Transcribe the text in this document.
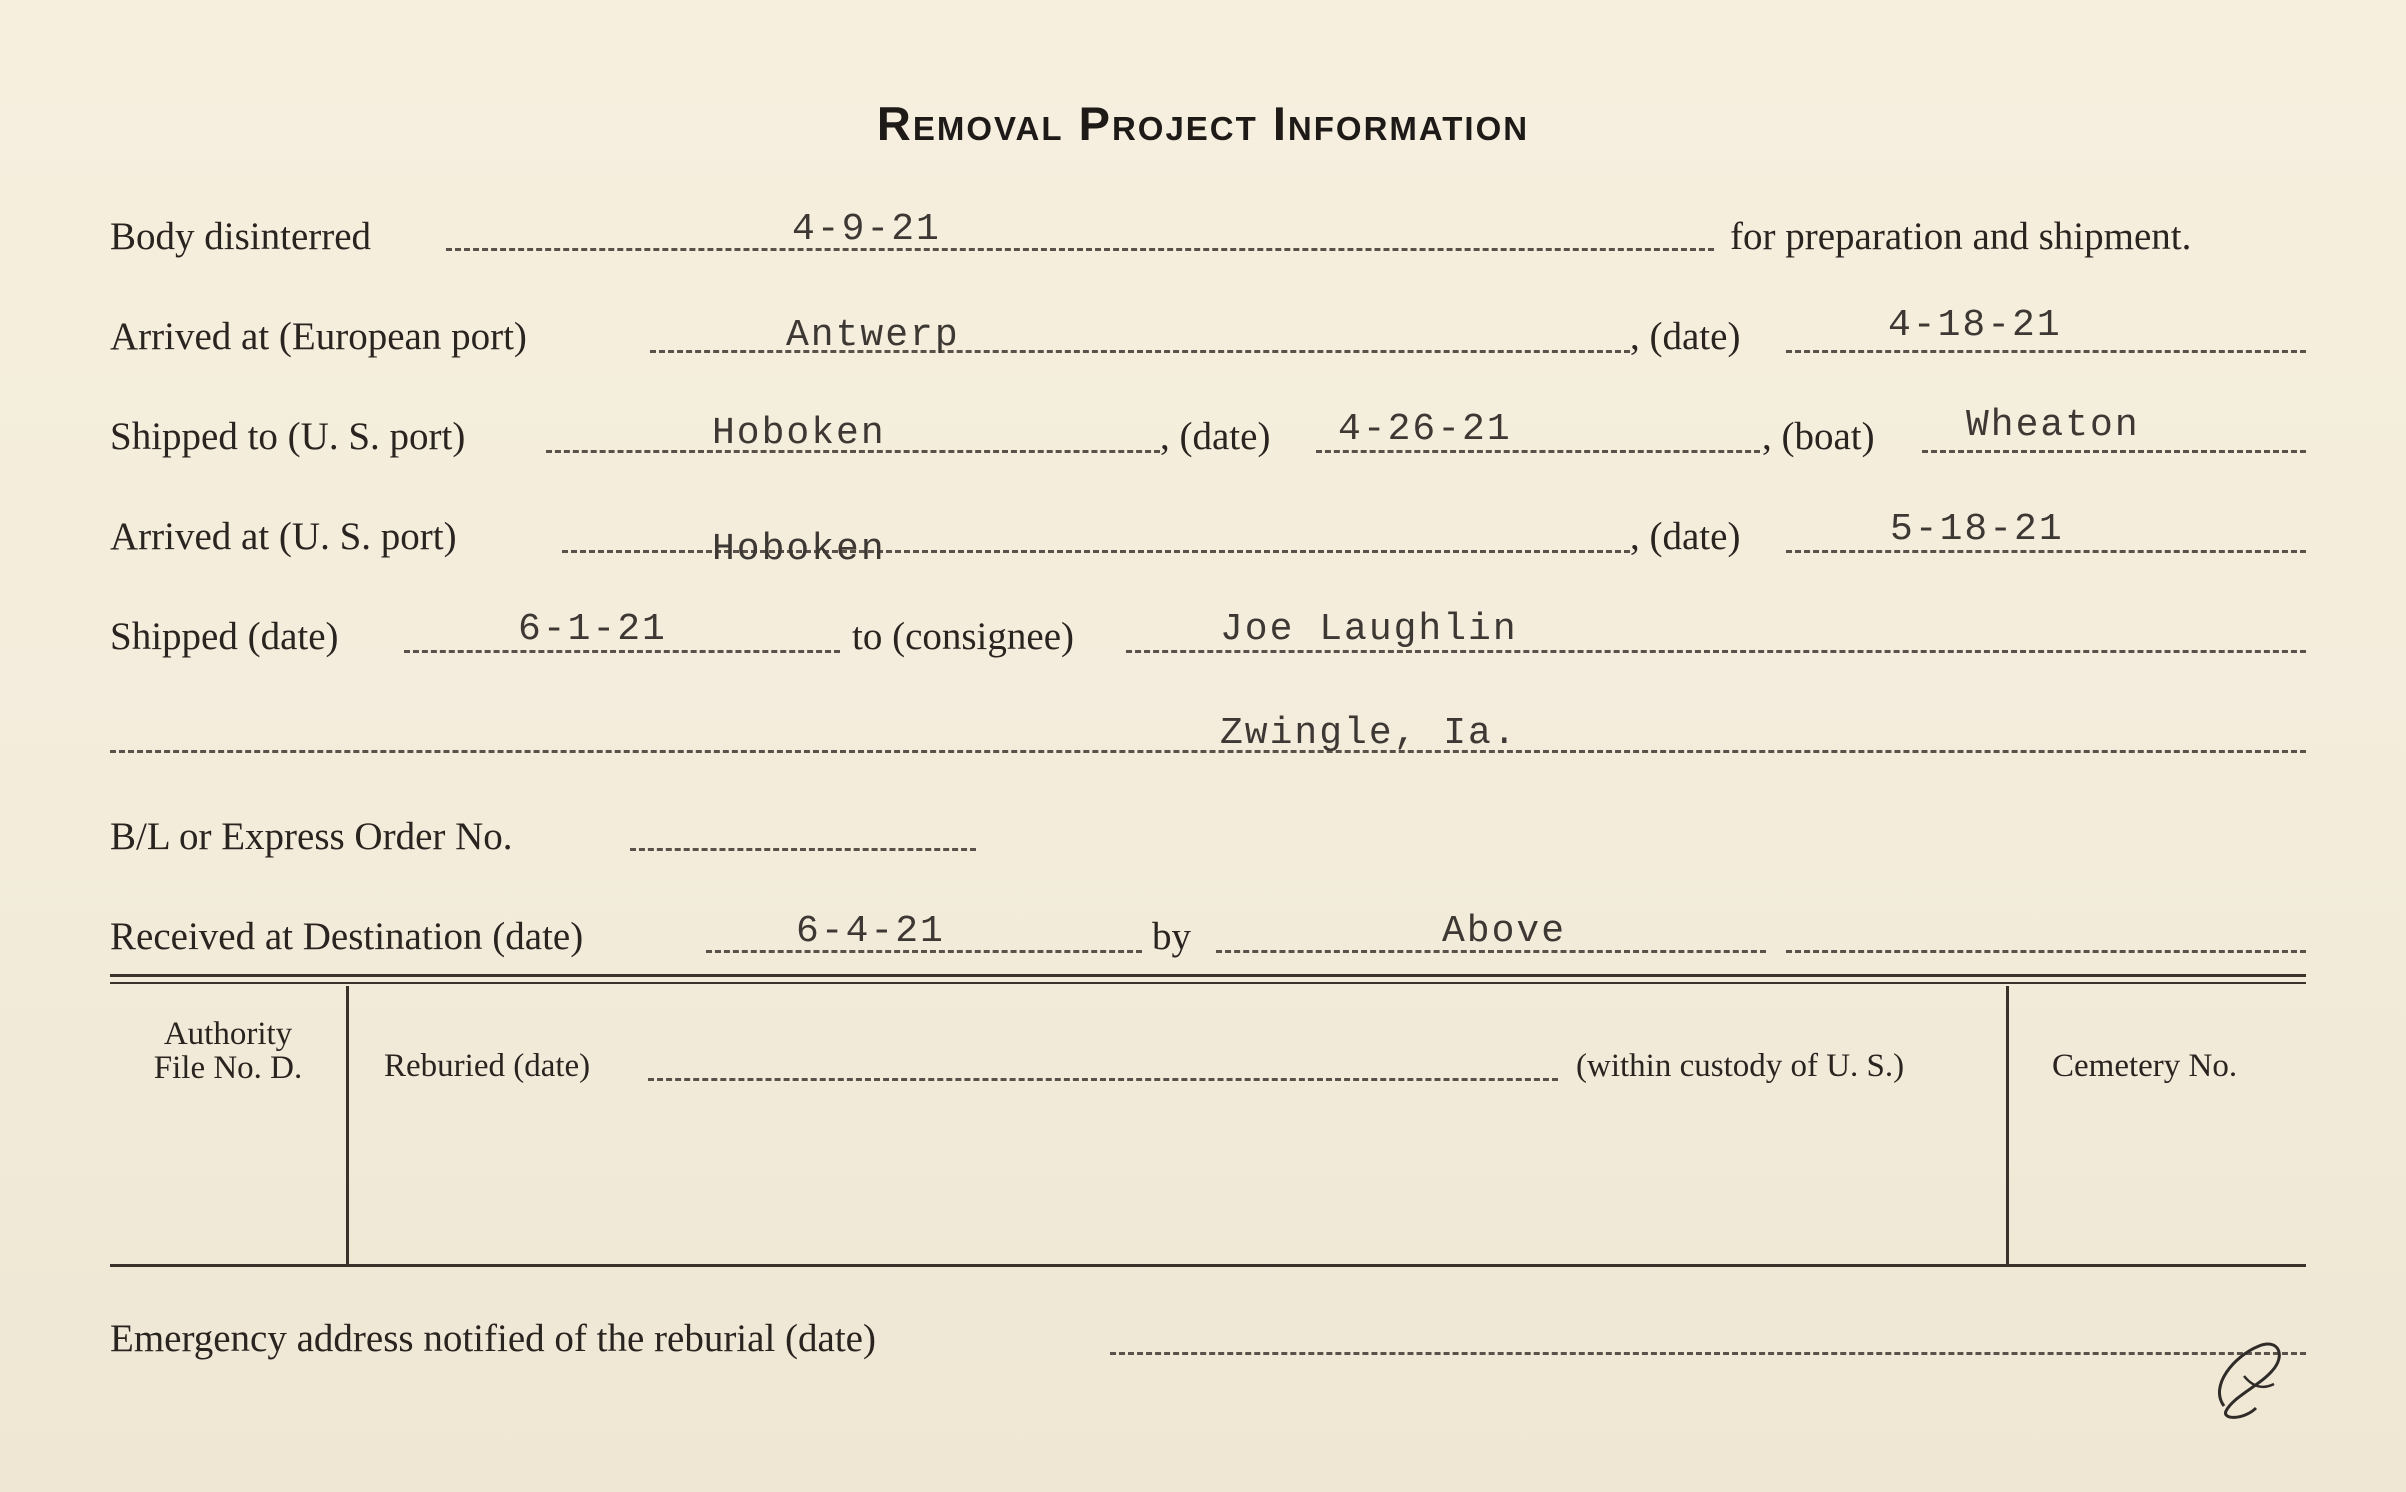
Removal Project Information
Body disinterred	4-9-21	for preparation and shipment.
Arrived at (European port)	Antwerp	, (date)	4-18-21
Shipped to (U. S. port)	Hoboken	, (date) 4-26-21	, (boat) Wheaton
Arrived at (U. S. port)	Hoboken	, (date)	5-18-21
Shipped (date)	6-1-21	to (consignee)	Joe Laughlin
Zwingle, Ia.
B/L or Express Order No.
Received at Destination (date)	6-4-21	by	Above
Authority
File No. D.	Reburied (date)	(within custody of U. S.)	Cemetery No.
Emergency address notified of the reburial (date)
